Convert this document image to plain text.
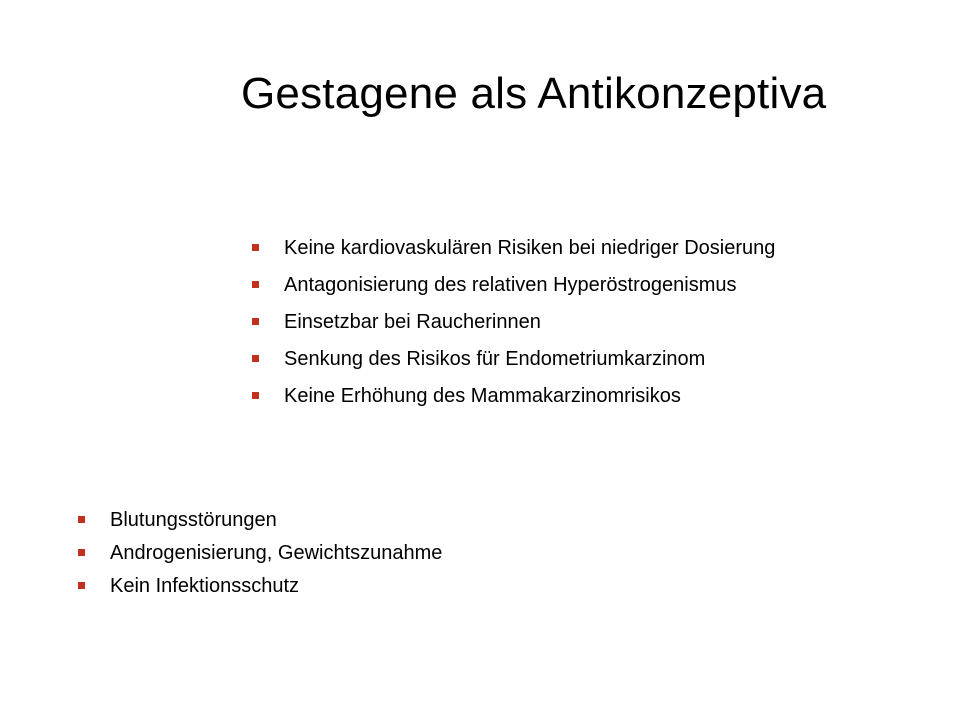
Gestagene als Antikonzeptiva
Keine kardiovaskulären Risiken bei niedriger Dosierung
Antagonisierung des relativen Hyperöstrogenismus
Einsetzbar bei Raucherinnen
Senkung des Risikos für Endometriumkarzinom
Keine Erhöhung des Mammakarzinomrisikos
Blutungsstörungen
Androgenisierung, Gewichtszunahme
Kein Infektionsschutz
